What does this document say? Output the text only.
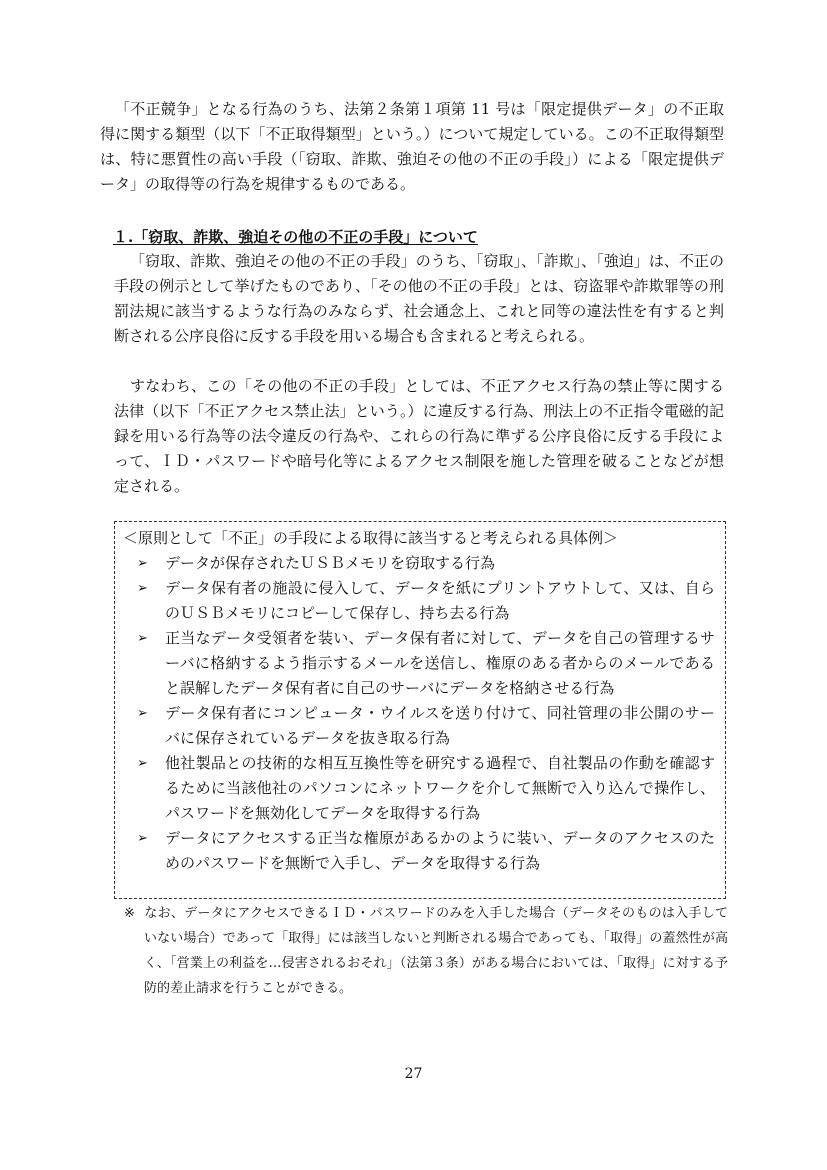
「不正競争」となる行為のうち、法第２条第１項第 11 号は「限定提供データ」の不正取得に関する類型（以下「不正取得類型」という。）について規定している。この不正取得類型は、特に悪質性の高い手段（「窃取、詐欺、強迫その他の不正の手段」）による「限定提供データ」の取得等の行為を規律するものである。

１.「窃取、詐欺、強迫その他の不正の手段」について

「窃取、詐欺、強迫その他の不正の手段」のうち、「窃取」、「詐欺」、「強迫」は、不正の手段の例示として挙げたものであり、「その他の不正の手段」とは、窃盗罪や詐欺罪等の刑罰法規に該当するような行為のみならず、社会通念上、これと同等の違法性を有すると判断される公序良俗に反する手段を用いる場合も含まれると考えられる。

すなわち、この「その他の不正の手段」としては、不正アクセス行為の禁止等に関する法律（以下「不正アクセス禁止法」という。）に違反する行為、刑法上の不正指令電磁的記録を用いる行為等の法令違反の行為や、これらの行為に準ずる公序良俗に反する手段によって、ＩＤ・パスワードや暗号化等によるアクセス制限を施した管理を破ることなどが想定される。

＜原則として「不正」の手段による取得に該当すると考えられる具体例＞

➢ データが保存されたＵＳＢメモリを窃取する行為
➢ データ保有者の施設に侵入して、データを紙にプリントアウトして、又は、自らのＵＳＢメモリにコピーして保存し、持ち去る行為
➢ 正当なデータ受領者を装い、データ保有者に対して、データを自己の管理するサーバに格納するよう指示するメールを送信し、権原のある者からのメールであると誤解したデータ保有者に自己のサーバにデータを格納させる行為
➢ データ保有者にコンピュータ・ウイルスを送り付けて、同社管理の非公開のサーバに保存されているデータを抜き取る行為
➢ 他社製品との技術的な相互互換性等を研究する過程で、自社製品の作動を確認するために当該他社のパソコンにネットワークを介して無断で入り込んで操作し、パスワードを無効化してデータを取得する行為
➢ データにアクセスする正当な権原があるかのように装い、データのアクセスのためのパスワードを無断で入手し、データを取得する行為

※ なお、データにアクセスできるＩＤ・パスワードのみを入手した場合（データそのものは入手していない場合）であって「取得」には該当しないと判断される場合であっても、「取得」の蓋然性が高く、「営業上の利益を…侵害されるおそれ」（法第３条）がある場合においては、「取得」に対する予防的差止請求を行うことができる。

27
